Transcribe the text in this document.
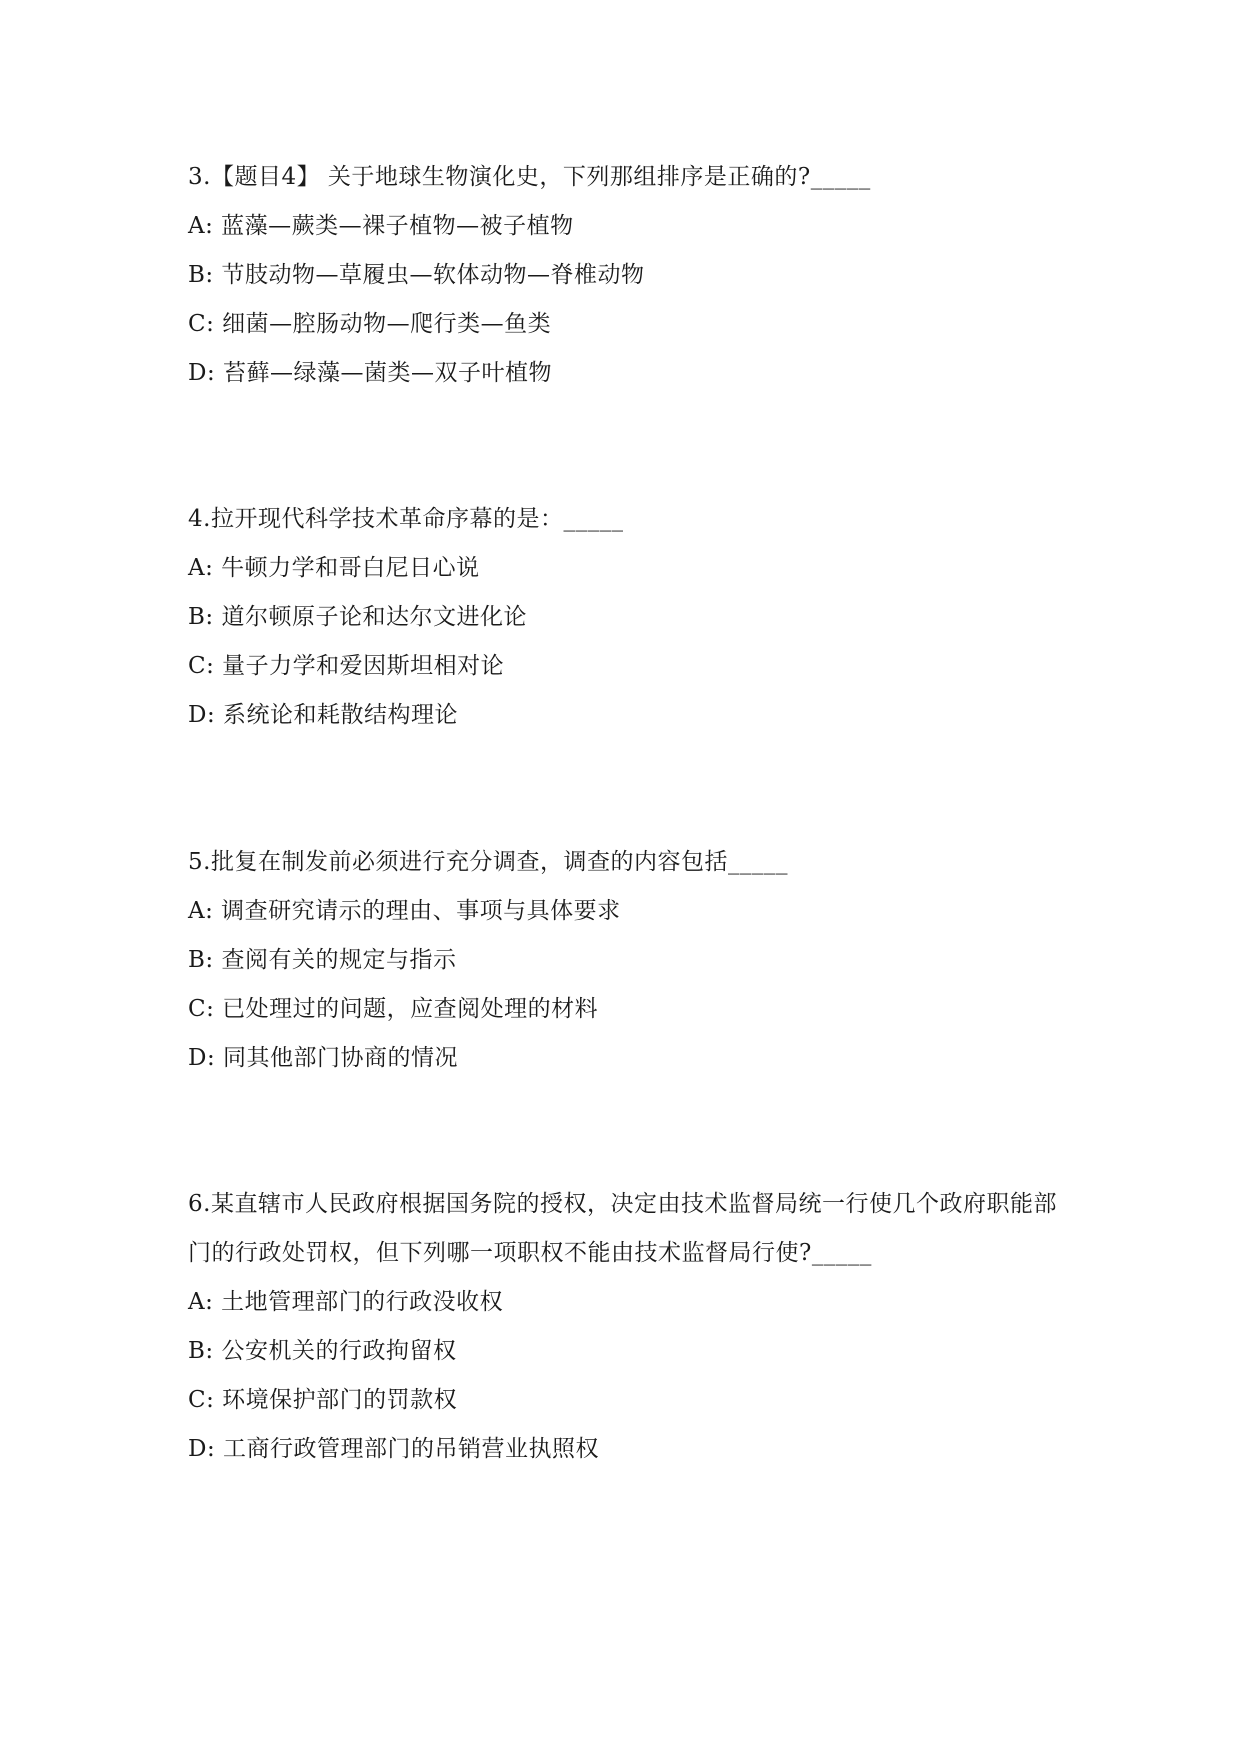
3.【题目4】 关于地球生物演化史，下列那组排序是正确的?_____

A: 蓝藻—蕨类—裸子植物—被子植物

B: 节肢动物—草履虫—软体动物—脊椎动物

C: 细菌—腔肠动物—爬行类—鱼类

D: 苔藓—绿藻—菌类—双子叶植物

4.拉开现代科学技术革命序幕的是：_____

A: 牛顿力学和哥白尼日心说

B: 道尔顿原子论和达尔文进化论

C: 量子力学和爱因斯坦相对论

D: 系统论和耗散结构理论

5.批复在制发前必须进行充分调查，调查的内容包括_____

A: 调查研究请示的理由、事项与具体要求

B: 查阅有关的规定与指示

C: 已处理过的问题，应查阅处理的材料

D: 同其他部门协商的情况

6.某直辖市人民政府根据国务院的授权，决定由技术监督局统一行使几个政府职能部门的行政处罚权，但下列哪一项职权不能由技术监督局行使?_____

A: 土地管理部门的行政没收权

B: 公安机关的行政拘留权

C: 环境保护部门的罚款权

D: 工商行政管理部门的吊销营业执照权
